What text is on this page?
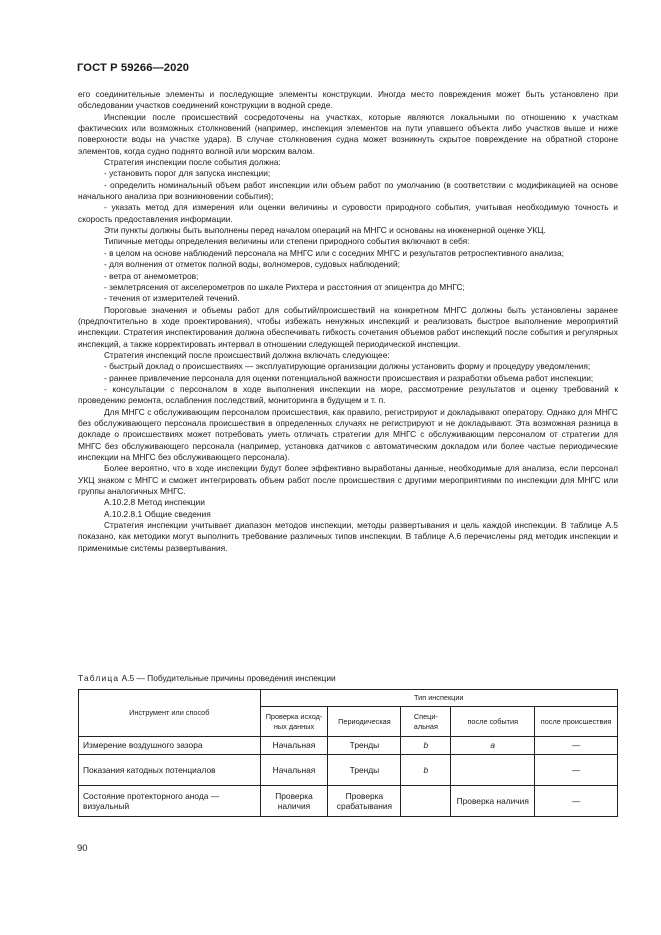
ГОСТ Р 59266—2020

его соединительные элементы и последующие элементы конструкции. Иногда место повреждения может быть установлено при обследовании участков соединений конструкции в водной среде.

Инспекции после происшествий сосредоточены на участках, которые являются локальными по отношению к участкам фактических или возможных столкновений (например, инспекция элементов на пути упавшего объекта либо участков выше и ниже поверхности воды на участке удара). В случае столкновения судна может возникнуть скрытое повреждение на обратной стороне элементов, когда судно поднято волной или морским валом.

Стратегия инспекции после события должна:

- установить порог для запуска инспекции;

- определить номинальный объем работ инспекции или объем работ по умолчанию (в соответствии с модификацией на основе начального анализа при возникновении события);

- указать метод для измерения или оценки величины и суровости природного события, учитывая необходимую точность и скорость предоставления информации.

Эти пункты должны быть выполнены перед началом операций на МНГС и основаны на инженерной оценке УКЦ.

Типичные методы определения величины или степени природного события включают в себя:

- в целом на основе наблюдений персонала на МНГС или с соседних МНГС и результатов ретроспективного анализа;

- для волнения от отметок полной воды, волномеров, судовых наблюдений;

- ветра от анемометров;

- землетрясения от акселерометров по шкале Рихтера и расстояния от эпицентра до МНГС;

- течения от измерителей течений.

Пороговые значения и объемы работ для событий/происшествий на конкретном МНГС должны быть установлены заранее (предпочтительно в ходе проектирования), чтобы избежать ненужных инспекций и реализовать быстрое выполнение мероприятий инспекции. Стратегия инспектирования должна обеспечивать гибкость сочетания объемов работ инспекций после события и регулярных инспекций, а также корректировать интервал в отношении следующей периодической инспекции.

Стратегия инспекций после происшествий должна включать следующее:

- быстрый доклад о происшествиях — эксплуатирующие организации должны установить форму и процедуру уведомления;

- раннее привлечение персонала для оценки потенциальной важности происшествия и разработки объема работ инспекции;

- консультации с персоналом в ходе выполнения инспекции на море, рассмотрение результатов и оценку требований к проведению ремонта, ослабления последствий, мониторинга в будущем и т. п.

Для МНГС с обслуживающим персоналом происшествия, как правило, регистрируют и докладывают оператору. Однако для МНГС без обслуживающего персонала происшествия в определенных случаях не регистрируют и не докладывают. Эта возможная разница в докладе о происшествиях может потребовать уметь отличать стратегии для МНГС с обслуживающим персоналом от стратегии для МНГС без обслуживающего персонала (например, установка датчиков с автоматическим докладом или более частые периодические инспекции на МНГС без обслуживающего персонала).

Более вероятно, что в ходе инспекции будут более эффективно выработаны данные, необходимые для анализа, если персонал УКЦ знаком с МНГС и сможет интегрировать объем работ после происшествия с другими мероприятиями по инспекции для МНГС или группы аналогичных МНГС.

А.10.2.8 Метод инспекции

А.10.2.8.1 Общие сведения

Стратегия инспекции учитывает диапазон методов инспекции, методы развертывания и цель каждой инспекции. В таблице А.5 показано, как методики могут выполнить требование различных типов инспекции. В таблице А.6 перечислены ряд методик инспекции и применимые системы развертывания.

Таблица А.5 — Побудительные причины проведения инспекции
Инструмент или способ	Тип инспекции				
	Проверка исходных данных	Периодическая	Специальная	после события	после происшествия
Измерение воздушного зазора	Начальная	Тренды	b	a	—
Показания катодных потенциалов	Начальная	Тренды	b		—
Состояние протекторного анода — визуальный	Проверка наличия	Проверка срабатывания		Проверка наличия	—
90
